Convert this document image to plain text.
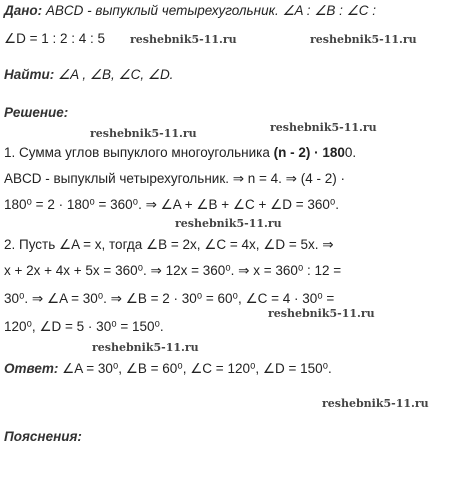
Дано: ABCD - выпуклый четырехугольник. ∠A : ∠B : ∠C :
∠D = 1 : 2 : 4 : 5
Найти: ∠A , ∠B, ∠C, ∠D.
Решение:
1. Сумма углов выпуклого многоугольника (n - 2) · 1800.
ABCD - выпуклый четырехугольник. ⇒ n = 4. ⇒ (4 - 2) ·
180⁰ = 2 · 180⁰ = 360⁰. ⇒ ∠A + ∠B + ∠C + ∠D = 360⁰.
2. Пусть ∠A = x, тогда ∠B = 2x, ∠C = 4x, ∠D = 5x. ⇒
x + 2x + 4x + 5x = 360⁰. ⇒ 12x = 360⁰. ⇒ x = 360⁰ : 12 =
30⁰. ⇒ ∠A = 30⁰. ⇒ ∠B = 2 · 30⁰ = 60⁰, ∠C = 4 · 30⁰ =
120⁰, ∠D = 5 · 30⁰ = 150⁰.
Ответ: ∠A = 30⁰, ∠B = 60⁰, ∠C = 120⁰, ∠D = 150⁰.
Пояснения:
reshebnik5-11.ru	reshebnik5-11.ru
reshebnik5-11.ru	reshebnik5-11.ru
reshebnik5-11.ru
reshebnik5-11.ru
reshebnik5-11.ru
reshebnik5-11.ru
